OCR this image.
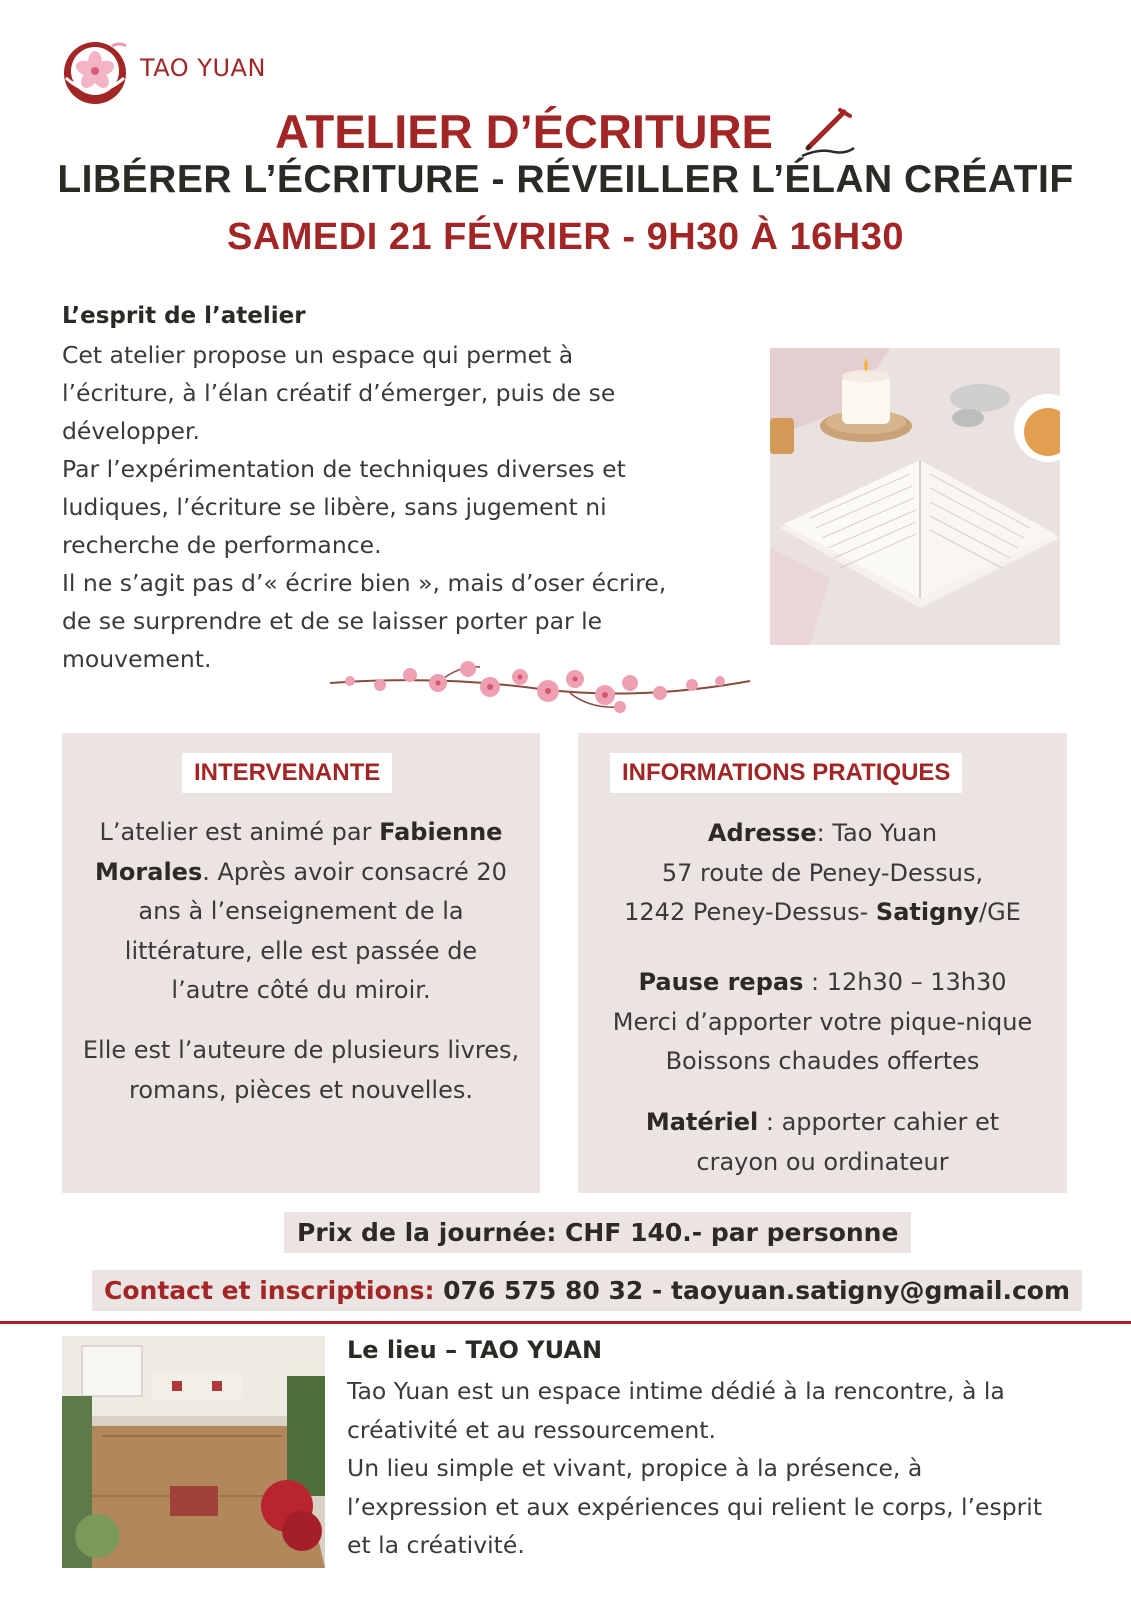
TAO YUAN
ATELIER D’ÉCRITURE
LIBÉRER L’ÉCRITURE - RÉVEILLER L’ÉLAN CRÉATIF
SAMEDI 21 FÉVRIER - 9H30 À 16H30
L’esprit de l’atelier

Cet atelier propose un espace qui permet à

l’écriture, à l’élan créatif d’émerger, puis de se

développer.

Par l’expérimentation de techniques diverses et

ludiques, l’écriture se libère, sans jugement ni

recherche de performance.

Il ne s’agit pas d’« écrire bien », mais d’oser écrire,

de se surprendre et de se laisser porter par le

mouvement.

INTERVENANTE

L’atelier est animé par Fabienne

Morales. Après avoir consacré 20

ans à l’enseignement de la

littérature, elle est passée de

l’autre côté du miroir.

Elle est l’auteure de plusieurs livres,

romans, pièces et nouvelles.

INFORMATIONS PRATIQUES

Adresse: Tao Yuan

57 route de Peney-Dessus,

1242 Peney-Dessus- Satigny/GE

Pause repas : 12h30 – 13h30

Merci d’apporter votre pique-nique

Boissons chaudes offertes

Matériel : apporter cahier et

crayon ou ordinateur

Prix de la journée: CHF 140.- par personne
Contact et inscriptions: 076 575 80 32 - taoyuan.satigny@gmail.com
Le lieu – TAO YUAN

Tao Yuan est un espace intime dédié à la rencontre, à la

créativité et au ressourcement.

Un lieu simple et vivant, propice à la présence, à

l’expression et aux expériences qui relient le corps, l’esprit

et la créativité.
